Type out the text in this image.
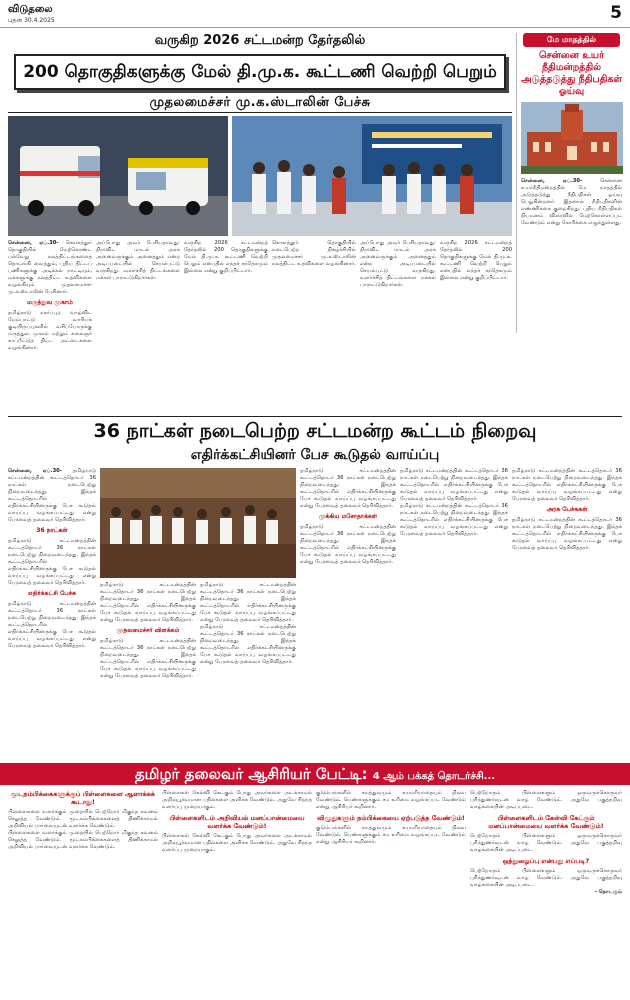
விடுதலை
புதன் 30.4.2025	5
வருகிற 2026 சட்டமன்ற தேர்தலில்
200 தொகுதிகளுக்கு மேல் தி.மு.க. கூட்டணி வெற்றி பெறும்
முதலமைச்சர் மு.க.ஸ்டாலின் பேச்சு
சென்னை, ஏப்.30- கொளத்தூர் தொகுதியில் மேற்கொண்ட பல்வேறு நலத்திட்டங்களைத் தொடங்கி வைத்தும், புதிய திட்டப் பணிகளுக்கு அடிக்கல் நாட்டியும், மக்களுக்கு நலத்திட்ட உதவிகளை வழங்கியும் முதலமைச்சர் மு.க.ஸ்டாலின் பேசினார்.
மருத்துவ முகாம்
தமிழ்நாடு நகர்ப்புற வாழ்விட மேம்பாட்டு வாரியக் குடியிருப்புகளில் வசிப்போருக்கு மருத்துவ முகாம் மற்றும் கலைஞர் காப்பீட்டுத் திட்ட அட்டைகளை வழங்கினார்.
அப்போது அவர் பேசியதாவது: திராவிட மாடல் அரசு அனைவருக்கும் அனைத்தும் என்ற அடிப்படையில் செயல்பட்டு வருகிறது. வளர்ச்சித் திட்டங்களை மக்கள் பாராட்டுகிறார்கள்.
வருகிற 2026 சட்டமன்றத் தேர்தலில் 200 தொகுதிகளுக்கு மேல் தி.மு.க. கூட்டணி வெற்றி பெறும் என்பதில் எந்தச் சந்தேகமும் இல்லை என்று குறிப்பிட்டார்.
கொளத்தூர் தொகுதியில் நடைபெற்ற நிகழ்ச்சியில் முதலமைச்சர் மு.க.ஸ்டாலின் நலத்திட்ட உதவிகளை வழங்கினார்.
அப்போது அவர் பேசியதாவது: திராவிட மாடல் அரசு அனைவருக்கும் அனைத்தும் என்ற அடிப்படையில் செயல்பட்டு வருகிறது. வளர்ச்சித் திட்டங்களை மக்கள் பாராட்டுகிறார்கள்.
வருகிற 2026 சட்டமன்றத் தேர்தலில் 200 தொகுதிகளுக்கு மேல் தி.மு.க. கூட்டணி வெற்றி பெறும் என்பதில் எந்தச் சந்தேகமும் இல்லை என்று குறிப்பிட்டார்.
மே மாதத்தில்
சென்னை உயர் நீதிமன்றத்தில் அடுத்தடுத்து நீதிபதிகள் ஓய்வு
சென்னை, ஏப்.30-	சென்னை உயர்நீதிமன்றத்தில் மே மாதத்தில் அடுத்தடுத்து நீதிபதிகள் ஓய்வு பெறுகின்றனர். இதனால் நீதிபதிகளின் எண்ணிக்கை குறைகிறது. புதிய நீதிபதிகள் நியமனம் விரைவில் மேற்கொள்ளப்பட வேண்டும் என்று கோரிக்கை எழுந்துள்ளது.
36 நாட்கள் நடைபெற்ற சட்டமன்ற கூட்டம் நிறைவு
எதிர்க்கட்சியினர் பேச கூடுதல் வாய்ப்பு
சென்னை, ஏப்.30- தமிழ்நாடு சட்டமன்றத்தின் கூட்டத்தொடர் 36 நாட்கள் நடைபெற்று நிறைவடைந்தது. இந்தக் கூட்டத்தொடரில் எதிர்க்கட்சியினருக்கு பேச கூடுதல் வாய்ப்பு வழங்கப்பட்டது என்று பேரவைத் தலைவர் தெரிவித்தார்.
36 நாட்கள்
தமிழ்நாடு சட்டமன்றத்தின் கூட்டத்தொடர் 36 நாட்கள் நடைபெற்று நிறைவடைந்தது. இந்தக் கூட்டத்தொடரில் எதிர்க்கட்சியினருக்கு பேச கூடுதல் வாய்ப்பு வழங்கப்பட்டது என்று பேரவைத் தலைவர் தெரிவித்தார்.
எதிர்க்கட்சி பேச்சு
தமிழ்நாடு சட்டமன்றத்தின் கூட்டத்தொடர் 36 நாட்கள் நடைபெற்று நிறைவடைந்தது. இந்தக் கூட்டத்தொடரில் எதிர்க்கட்சியினருக்கு பேச கூடுதல் வாய்ப்பு வழங்கப்பட்டது என்று பேரவைத் தலைவர் தெரிவித்தார்.
தமிழ்நாடு சட்டமன்றத்தின் கூட்டத்தொடர் 36 நாட்கள் நடைபெற்று நிறைவடைந்தது. இந்தக் கூட்டத்தொடரில் எதிர்க்கட்சியினருக்கு பேச கூடுதல் வாய்ப்பு வழங்கப்பட்டது என்று பேரவைத் தலைவர் தெரிவித்தார்.
முதலமைச்சர் விளக்கம்
தமிழ்நாடு சட்டமன்றத்தின் கூட்டத்தொடர் 36 நாட்கள் நடைபெற்று நிறைவடைந்தது. இந்தக் கூட்டத்தொடரில் எதிர்க்கட்சியினருக்கு பேச கூடுதல் வாய்ப்பு வழங்கப்பட்டது என்று பேரவைத் தலைவர் தெரிவித்தார்.
தமிழ்நாடு சட்டமன்றத்தின் கூட்டத்தொடர் 36 நாட்கள் நடைபெற்று நிறைவடைந்தது. இந்தக் கூட்டத்தொடரில் எதிர்க்கட்சியினருக்கு பேச கூடுதல் வாய்ப்பு வழங்கப்பட்டது என்று பேரவைத் தலைவர் தெரிவித்தார்.
தமிழ்நாடு சட்டமன்றத்தின் கூட்டத்தொடர் 36 நாட்கள் நடைபெற்று நிறைவடைந்தது. இந்தக் கூட்டத்தொடரில் எதிர்க்கட்சியினருக்கு பேச கூடுதல் வாய்ப்பு வழங்கப்பட்டது என்று பேரவைத் தலைவர் தெரிவித்தார்.
தமிழ்நாடு சட்டமன்றத்தின் கூட்டத்தொடர் 36 நாட்கள் நடைபெற்று நிறைவடைந்தது. இந்தக் கூட்டத்தொடரில் எதிர்க்கட்சியினருக்கு பேச கூடுதல் வாய்ப்பு வழங்கப்பட்டது என்று பேரவைத் தலைவர் தெரிவித்தார்.
முக்கிய மசோதாக்கள்
தமிழ்நாடு சட்டமன்றத்தின் கூட்டத்தொடர் 36 நாட்கள் நடைபெற்று நிறைவடைந்தது. இந்தக் கூட்டத்தொடரில் எதிர்க்கட்சியினருக்கு பேச கூடுதல் வாய்ப்பு வழங்கப்பட்டது என்று பேரவைத் தலைவர் தெரிவித்தார்.
தமிழ்நாடு சட்டமன்றத்தின் கூட்டத்தொடர் 36 நாட்கள் நடைபெற்று நிறைவடைந்தது. இந்தக் கூட்டத்தொடரில் எதிர்க்கட்சியினருக்கு பேச கூடுதல் வாய்ப்பு வழங்கப்பட்டது என்று பேரவைத் தலைவர் தெரிவித்தார்.
தமிழ்நாடு சட்டமன்றத்தின் கூட்டத்தொடர் 36 நாட்கள் நடைபெற்று நிறைவடைந்தது. இந்தக் கூட்டத்தொடரில் எதிர்க்கட்சியினருக்கு பேச கூடுதல் வாய்ப்பு வழங்கப்பட்டது என்று பேரவைத் தலைவர் தெரிவித்தார்.
தமிழ்நாடு சட்டமன்றத்தின் கூட்டத்தொடர் 36 நாட்கள் நடைபெற்று நிறைவடைந்தது. இந்தக் கூட்டத்தொடரில் எதிர்க்கட்சியினருக்கு பேச கூடுதல் வாய்ப்பு வழங்கப்பட்டது என்று பேரவைத் தலைவர் தெரிவித்தார்.
அரசு பேச்சுகள்
தமிழ்நாடு சட்டமன்றத்தின் கூட்டத்தொடர் 36 நாட்கள் நடைபெற்று நிறைவடைந்தது. இந்தக் கூட்டத்தொடரில் எதிர்க்கட்சியினருக்கு பேச கூடுதல் வாய்ப்பு வழங்கப்பட்டது என்று பேரவைத் தலைவர் தெரிவித்தார்.
தமிழர் தலைவர் ஆசிரியர் பேட்டி: 4 ஆம் பக்கத் தொடர்ச்சி...
மூடநம்பிக்கைகளுக்குப் பிள்ளைகளை ஆளாக்கக் கூடாது!
பிள்ளைகளை வளர்க்கும் முறையில் பெற்றோர் மிகுந்த கவனம் செலுத்த வேண்டும். மூடநம்பிக்கைகளைத் திணிக்காமல் அறிவியல் பார்வையுடன் வளர்க்க வேண்டும்.
பிள்ளைகளை வளர்க்கும் முறையில் பெற்றோர் மிகுந்த கவனம் செலுத்த வேண்டும். மூடநம்பிக்கைகளைத் திணிக்காமல் அறிவியல் பார்வையுடன் வளர்க்க வேண்டும்.
பிள்ளைகள் கேள்வி கேட்கும் போது அவர்களை அடக்காமல் அறிவுபூர்வமான பதில்களை அளிக்க வேண்டும். அதுவே சிறந்த வளர்ப்பு முறையாகும்.
பிள்ளைகளிடம் அறிவியல் மனப்பான்மையை வளர்க்க வேண்டும்!
பிள்ளைகள் கேள்வி கேட்கும் போது அவர்களை அடக்காமல் அறிவுபூர்வமான பதில்களை அளிக்க வேண்டும். அதுவே சிறந்த வளர்ப்பு முறையாகும்.
குடும்பங்களில் சமத்துவமும் சுயமரியாதையும் நிலவ வேண்டும். பெண்களுக்கும் சம உரிமை வழங்கப்பட வேண்டும் என்று ஆசிரியர் கூறினார்.
விழுதுகளும் நம்பிக்கையை ஏற்படுத்த வேண்டும்!
குடும்பங்களில் சமத்துவமும் சுயமரியாதையும் நிலவ வேண்டும். பெண்களுக்கும் சம உரிமை வழங்கப்பட வேண்டும் என்று ஆசிரியர் கூறினார்.
பெற்றோரும் பிள்ளைகளும் ஒருவருக்கொருவர் புரிந்துணர்வுடன் வாழ வேண்டும். அதுவே பகுத்தறிவு வாழ்க்கையின் அடிப்படை.
பிள்ளைகளிடம் கேள்வி கேட்கும் மனப்பான்மையை வளர்க்க வேண்டும்!
பெற்றோரும் பிள்ளைகளும் ஒருவருக்கொருவர் புரிந்துணர்வுடன் வாழ வேண்டும். அதுவே பகுத்தறிவு வாழ்க்கையின் அடிப்படை.
ஒத்துழைப்பு என்பது எப்படி?
பெற்றோரும் பிள்ளைகளும் ஒருவருக்கொருவர் புரிந்துணர்வுடன் வாழ வேண்டும். அதுவே பகுத்தறிவு வாழ்க்கையின் அடிப்படை.
- தொடரும்
